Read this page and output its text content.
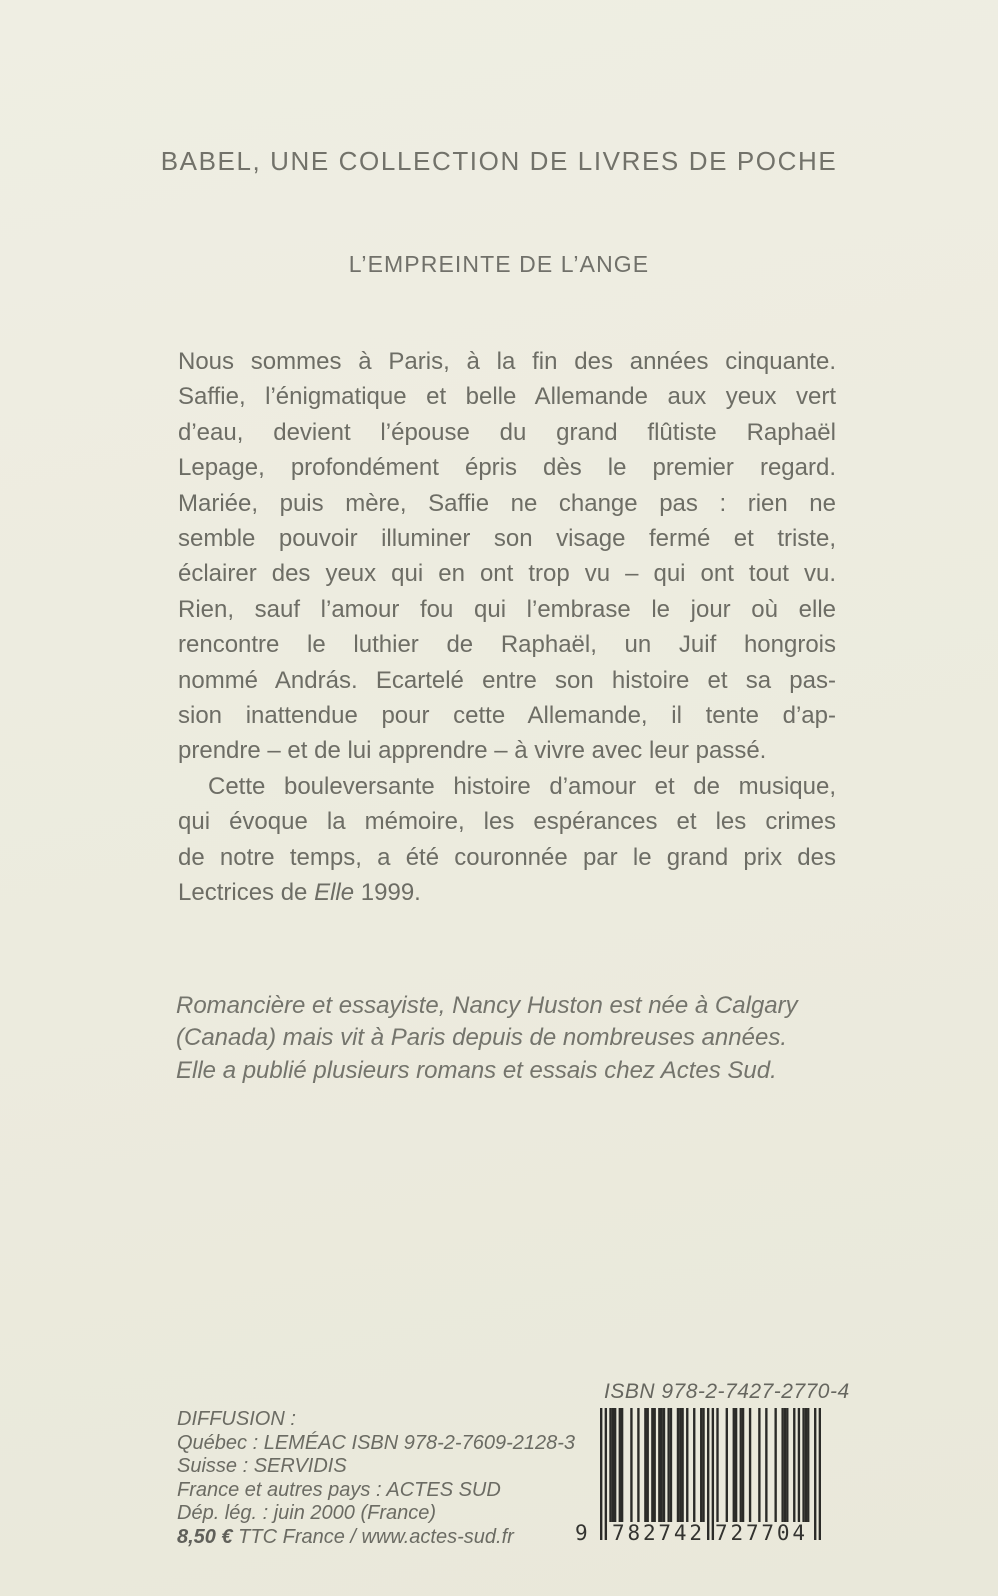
BABEL, UNE COLLECTION DE LIVRES DE POCHE
L’EMPREINTE DE L’ANGE
Nous sommes à Paris, à la fin des années cinquante.
Saffie, l’énigmatique et belle Allemande aux yeux vert
d’eau, devient l’épouse du grand flûtiste Raphaël
Lepage, profondément épris dès le premier regard.
Mariée, puis mère, Saffie ne change pas : rien ne
semble pouvoir illuminer son visage fermé et triste,
éclairer des yeux qui en ont trop vu – qui ont tout vu.
Rien, sauf l’amour fou qui l’embrase le jour où elle
rencontre le luthier de Raphaël, un Juif hongrois
nommé András. Ecartelé entre son histoire et sa pas-
sion inattendue pour cette Allemande, il tente d’ap-
prendre – et de lui apprendre – à vivre avec leur passé.
Cette bouleversante histoire d’amour et de musique,
qui évoque la mémoire, les espérances et les crimes
de notre temps, a été couronnée par le grand prix des
Lectrices de Elle 1999.
Romancière et essayiste, Nancy Huston est née à Calgary
(Canada) mais vit à Paris depuis de nombreuses années.
Elle a publié plusieurs romans et essais chez Actes Sud.
ISBN 978-2-7427-2770-4
DIFFUSION :
Québec : LEMÉAC ISBN 978-2-7609-2128-3
Suisse : SERVIDIS
France et autres pays : ACTES SUD
Dép. lég. : juin 2000 (France)
8,50 € TTC France / www.actes-sud.fr	9 7 8 2 7 4 2 7 2 7 7 0 4
